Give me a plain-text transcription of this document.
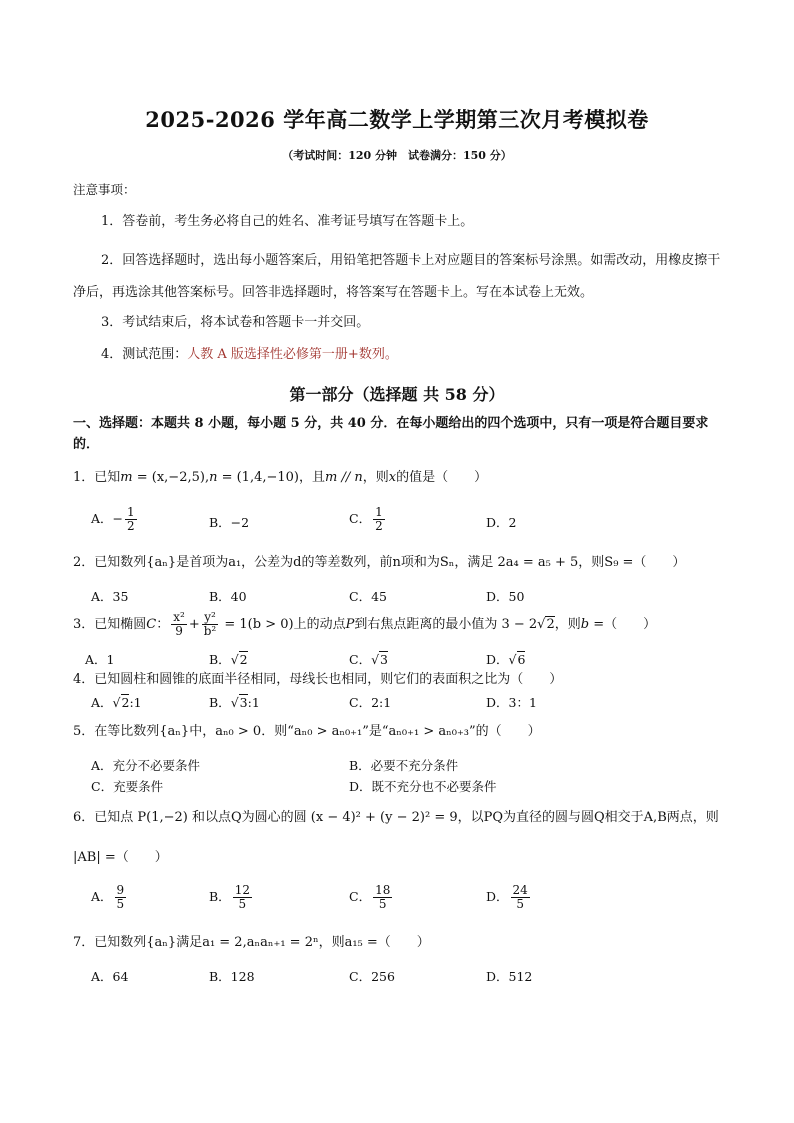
2025-2026 学年高二数学上学期第三次月考模拟卷
（考试时间：120 分钟　试卷满分：150 分）
注意事项：
1．答卷前，考生务必将自己的姓名、准考证号填写在答题卡上。
2．回答选择题时，选出每小题答案后，用铅笔把答题卡上对应题目的答案标号涂黑。如需改动，用橡皮擦干净后，再选涂其他答案标号。回答非选择题时，将答案写在答题卡上。写在本试卷上无效。
3．考试结束后，将本试卷和答题卡一并交回。
4．测试范围：人教 A 版选择性必修第一册+数列。
第一部分（选择题 共 58 分）
一、选择题：本题共 8 小题，每小题 5 分，共 40 分．在每小题给出的四个选项中，只有一项是符合题目要求的．
1．已知m = (x,−2,5),n = (1,4,−10)，且m // n，则x的值是（　　）
A．− $\frac{1}{2}$	B．−2	C． $\frac{1}{2}$	D．2
2．已知数列{aₙ}是首项为a₁，公差为d的等差数列，前n项和为Sₙ，满足 2a₄ = a₅ + 5，则S₉ =（　　）
A．35	B．40	C．45	D．50
3．已知椭圆C： $\frac{\text{x²}}{9} + \frac{\text{y²}}{\text{b²}} = 1(b > 0)$上的动点P到右焦点距离的最小值为 3 − 2√2，则b =（　　）
A．1	B．√2	C．√3	D．√6
4．已知圆柱和圆锥的底面半径相同，母线长也相同，则它们的表面积之比为（　　）
A．√2:1	B．√3:1	C．2:1	D．3：1
5．在等比数列{aₙ}中，aₙ₀ > 0．则“aₙ₀ > aₙ₀₊₁”是“aₙ₀₊₁ > aₙ₀₊₃”的（　　）
A．充分不必要条件	B．必要不充分条件
C．充要条件	D．既不充分也不必要条件
6．已知点 P(1,−2) 和以点Q为圆心的圆 (x − 4)² + (y − 2)² = 9，以PQ为直径的圆与圆Q相交于A,B两点，则
|AB| =（　　）
A． $\frac{9}{5}$	B． $\frac{12}{5}$	C． $\frac{18}{5}$	D． $\frac{24}{5}$
7．已知数列{aₙ}满足a₁ = 2,aₙaₙ₊₁ = 2ⁿ，则a₁₅ =（　　）
A．64	B．128	C．256	D．512
